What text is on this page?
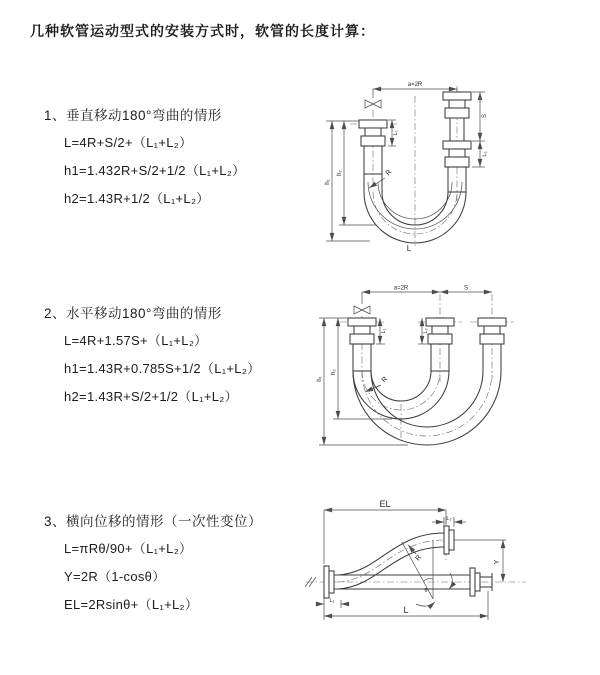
几种软管运动型式的安装方式时，软管的长度计算：
1、垂直移动180°弯曲的情形
L=4R+S/2+（L₁+L₂）
h1=1.432R+S/2+1/2（L₁+L₂）
h2=1.43R+1/2（L₁+L₂）
a=2R
h₁
h₂
L₁
S
L₂
R
L
2、水平移动180°弯曲的情形
L=4R+1.57S+（L₁+L₂）
h1=1.43R+0.785S+1/2（L₁+L₂）
h2=1.43R+S/2+1/2（L₁+L₂）
a=2R	S
L₁	L₂
h₁
h₂
R
3、横向位移的情形（一次性变位）
L=πRθ/90+（L₁+L₂）
Y=2R（1-cosθ）
EL=2Rsinθ+（L₁+L₂）
EL
L₂
Y
L
L₁
θ
R
